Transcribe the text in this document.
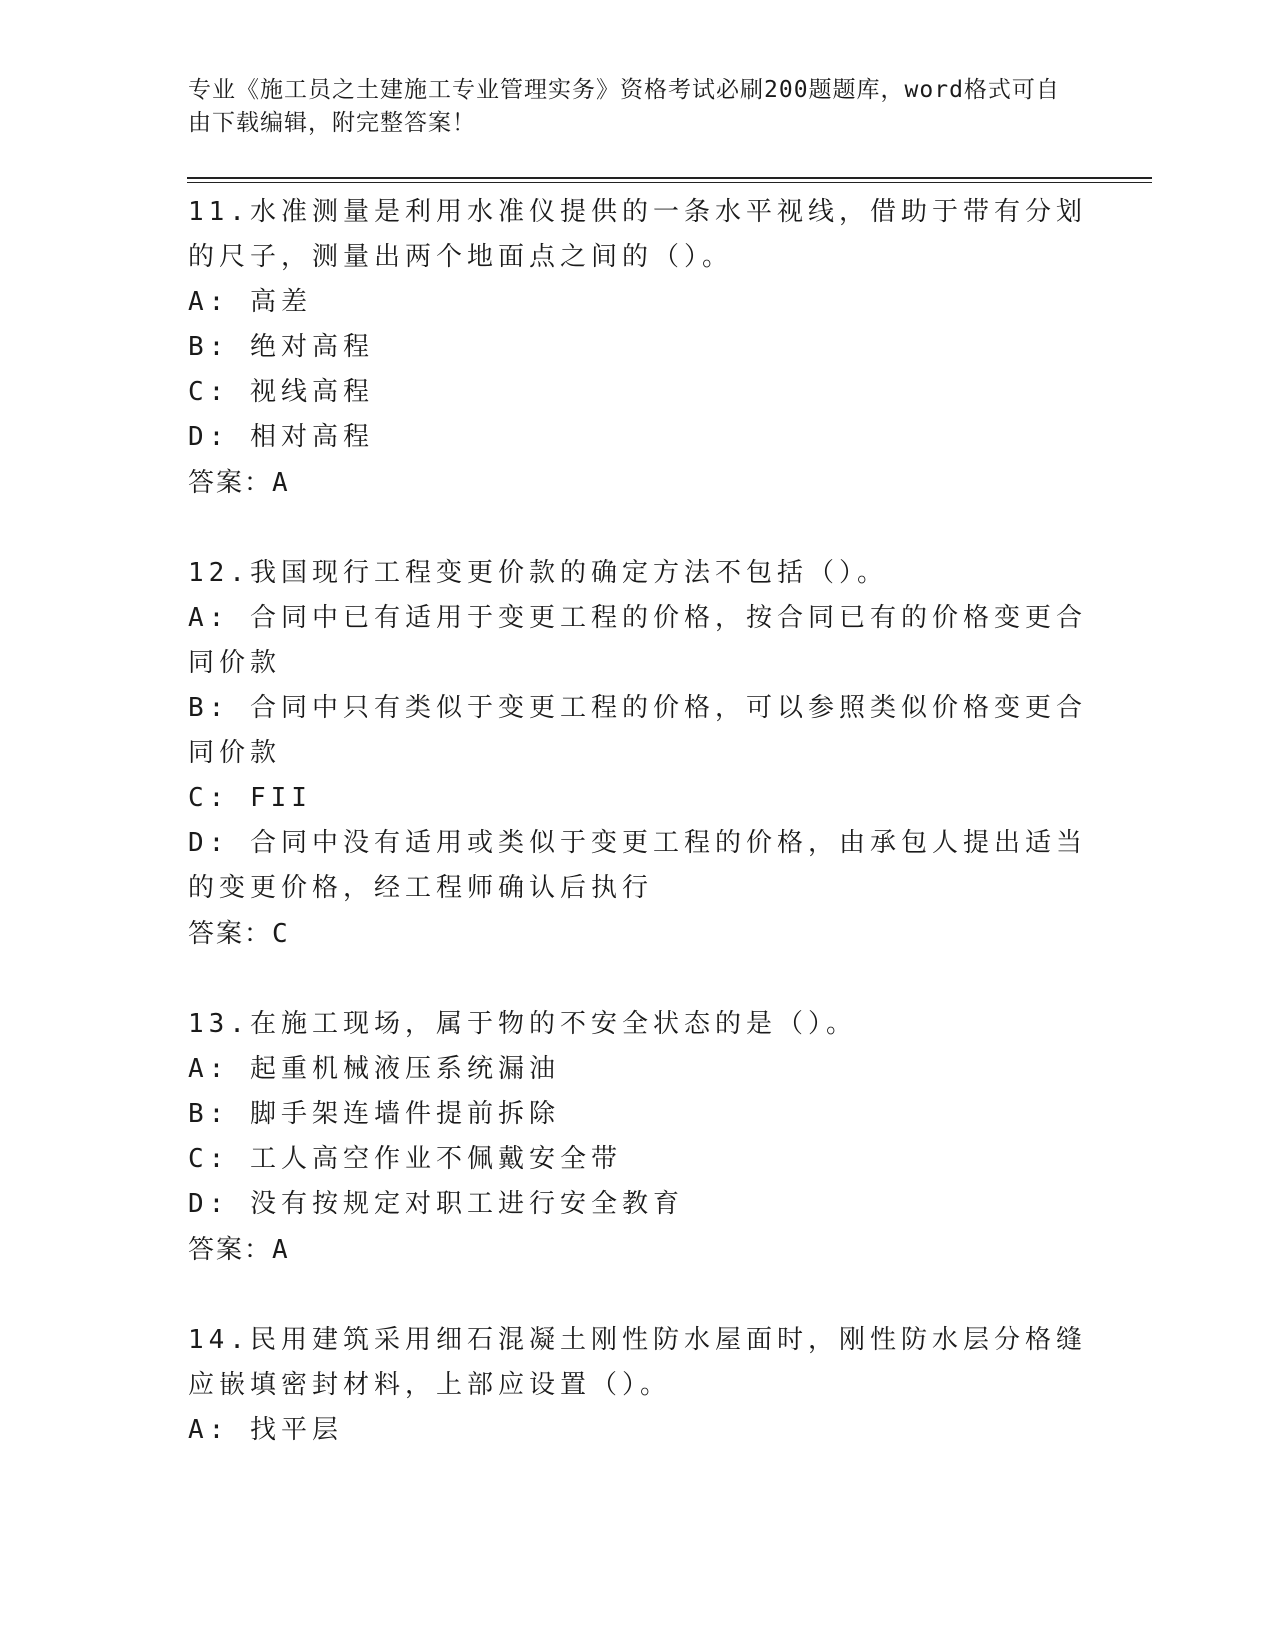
专业《施工员之土建施工专业管理实务》资格考试必刷200题题库，word格式可自由下载编辑，附完整答案！
11.水准测量是利用水准仪提供的一条水平视线，借助于带有分划的尺子，测量出两个地面点之间的（）。
A: 高差
B: 绝对高程
C: 视线高程
D: 相对高程
答案：A
12.我国现行工程变更价款的确定方法不包括（）。
A: 合同中已有适用于变更工程的价格，按合同已有的价格变更合同价款
B: 合同中只有类似于变更工程的价格，可以参照类似价格变更合同价款
C: FII
D: 合同中没有适用或类似于变更工程的价格，由承包人提出适当的变更价格，经工程师确认后执行
答案：C
13.在施工现场，属于物的不安全状态的是（）。
A: 起重机械液压系统漏油
B: 脚手架连墙件提前拆除
C: 工人高空作业不佩戴安全带
D: 没有按规定对职工进行安全教育
答案：A
14.民用建筑采用细石混凝土刚性防水屋面时，刚性防水层分格缝应嵌填密封材料，上部应设置（）。
A: 找平层
